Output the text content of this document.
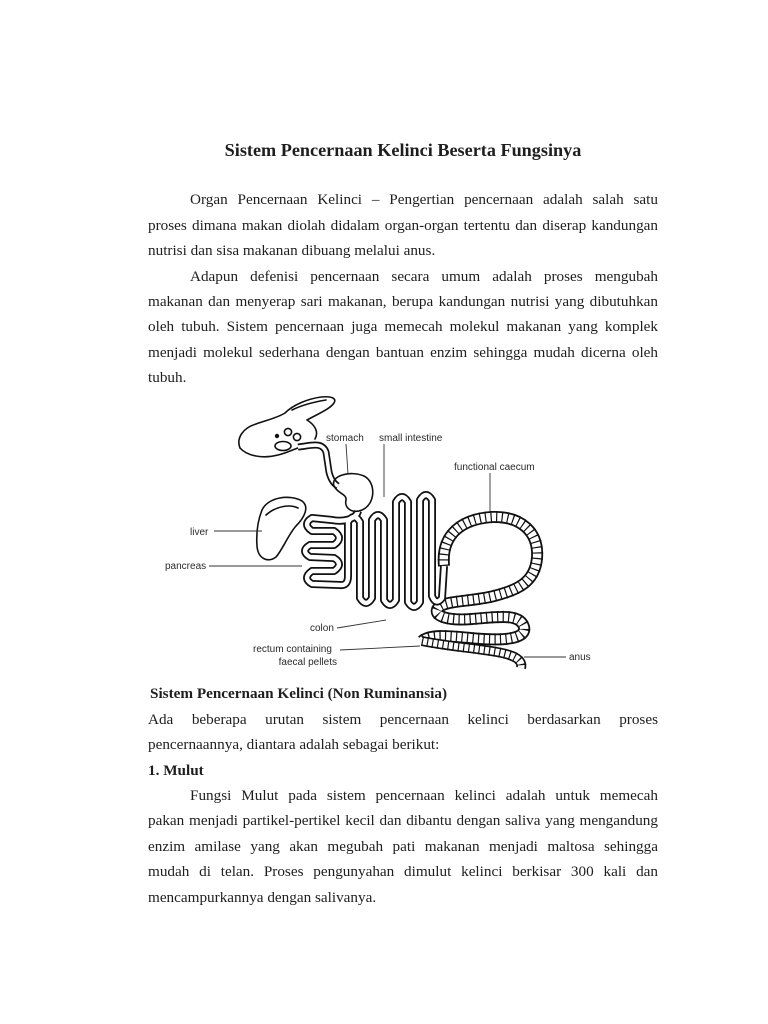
Sistem Pencernaan Kelinci Beserta Fungsinya
Organ Pencernaan Kelinci – Pengertian pencernaan adalah salah satu
proses dimana makan diolah didalam organ-organ tertentu dan diserap kandungan
nutrisi dan sisa makanan dibuang melalui anus.
Adapun defenisi pencernaan secara umum adalah proses mengubah
makanan dan menyerap sari makanan, berupa kandungan nutrisi yang dibutuhkan
oleh tubuh. Sistem pencernaan juga memecah molekul makanan yang komplek
menjadi molekul sederhana dengan bantuan enzim sehingga mudah dicerna oleh
tubuh.
stomach small intestine
functional caecum
liver
pancreas
colon
rectum containing
faecal pellets	anus
Sistem Pencernaan Kelinci (Non Ruminansia)
Ada beberapa urutan sistem pencernaan kelinci berdasarkan proses
pencernaannya, diantara adalah sebagai berikut:
1. Mulut
Fungsi Mulut pada sistem pencernaan kelinci adalah untuk memecah
pakan menjadi partikel-pertikel kecil dan dibantu dengan saliva yang mengandung
enzim amilase yang akan megubah pati makanan menjadi maltosa sehingga
mudah di telan. Proses pengunyahan dimulut kelinci berkisar 300 kali dan
mencampurkannya dengan salivanya.
